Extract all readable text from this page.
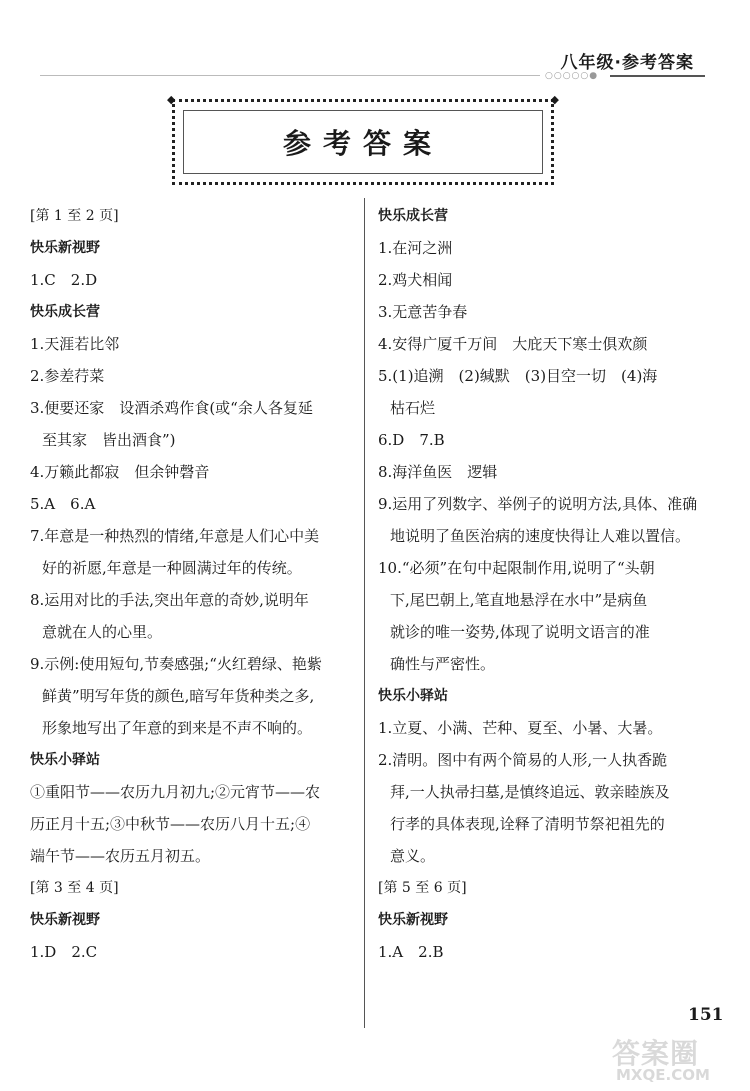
八年级·参考答案
○○○○○●
◆ 参考答案
◆

[第 1 至 2 页]

快乐新视野

1.C　2.D

快乐成长营

1.天涯若比邻

2.参差荇菜

3.便要还家　设酒杀鸡作食(或“余人各复延

至其家　皆出酒食”)

4.万籁此都寂　但余钟磬音

5.A　6.A

7.年意是一种热烈的情绪,年意是人们心中美

好的祈愿,年意是一种圆满过年的传统。

8.运用对比的手法,突出年意的奇妙,说明年

意就在人的心里。

9.示例:使用短句,节奏感强;“火红碧绿、艳紫

鲜黄”明写年货的颜色,暗写年货种类之多,

形象地写出了年意的到来是不声不响的。

快乐小驿站

①重阳节——农历九月初九;②元宵节——农

历正月十五;③中秋节——农历八月十五;④

端午节——农历五月初五。

[第 3 至 4 页]

快乐新视野

1.D　2.C

快乐成长营

1.在河之洲

2.鸡犬相闻

3.无意苦争春

4.安得广厦千万间　大庇天下寒士俱欢颜

5.(1)追溯　(2)缄默　(3)目空一切　(4)海

枯石烂

6.D　7.B

8.海洋鱼医　逻辑

9.运用了列数字、举例子的说明方法,具体、准确

地说明了鱼医治病的速度快得让人难以置信。

10.“必须”在句中起限制作用,说明了“头朝

下,尾巴朝上,笔直地悬浮在水中”是病鱼

就诊的唯一姿势,体现了说明文语言的准

确性与严密性。

快乐小驿站

1.立夏、小满、芒种、夏至、小暑、大暑。

2.清明。图中有两个简易的人形,一人执香跪

拜,一人执帚扫墓,是慎终追远、敦亲睦族及

行孝的具体表现,诠释了清明节祭祀祖先的

意义。

[第 5 至 6 页]

快乐新视野

1.A　2.B

151
答案圈
MXQE.COM
